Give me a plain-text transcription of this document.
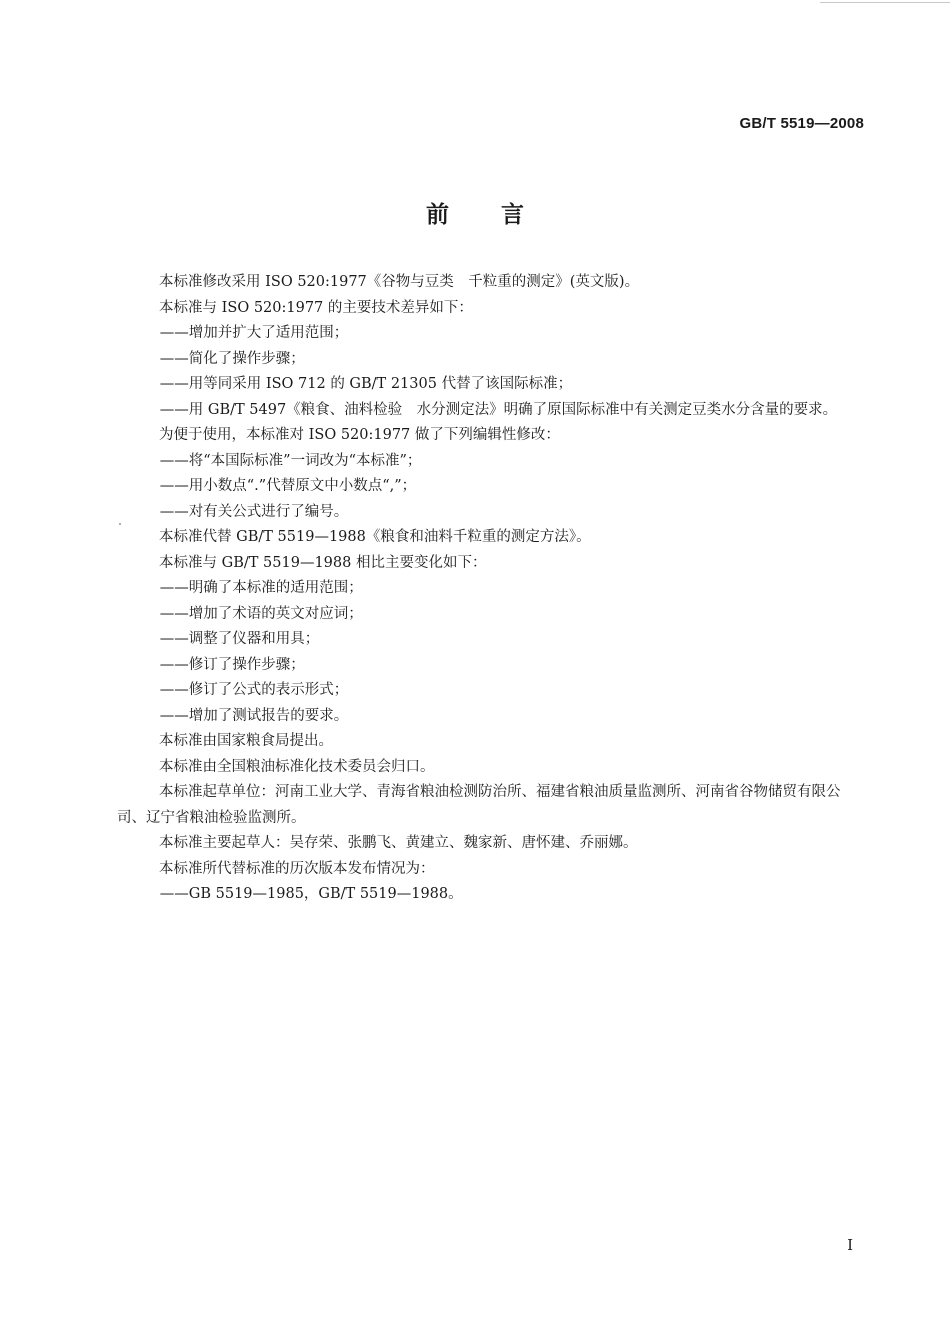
GB/T 5519—2008
前言

本标准修改采用 ISO 520:1977《谷物与豆类　千粒重的测定》(英文版)。

本标准与 ISO 520:1977 的主要技术差异如下：

——增加并扩大了适用范围；

——简化了操作步骤；

——用等同采用 ISO 712 的 GB/T 21305 代替了该国际标准；

——用 GB/T 5497《粮食、油料检验　水分测定法》明确了原国际标准中有关测定豆类水分含量的要求。

为便于使用，本标准对 ISO 520:1977 做了下列编辑性修改：

——将“本国际标准”一词改为“本标准”；

——用小数点“.”代替原文中小数点“,”；

——对有关公式进行了编号。

本标准代替 GB/T 5519—1988《粮食和油料千粒重的测定方法》。

本标准与 GB/T 5519—1988 相比主要变化如下：

——明确了本标准的适用范围；

——增加了术语的英文对应词；

——调整了仪器和用具；

——修订了操作步骤；

——修订了公式的表示形式；

——增加了测试报告的要求。

本标准由国家粮食局提出。

本标准由全国粮油标准化技术委员会归口。

本标准起草单位：河南工业大学、青海省粮油检测防治所、福建省粮油质量监测所、河南省谷物储贸有限公司、辽宁省粮油检验监测所。

本标准主要起草人：吴存荣、张鹏飞、黄建立、魏家新、唐怀建、乔丽娜。

本标准所代替标准的历次版本发布情况为：

——GB 5519—1985，GB/T 5519—1988。

I
